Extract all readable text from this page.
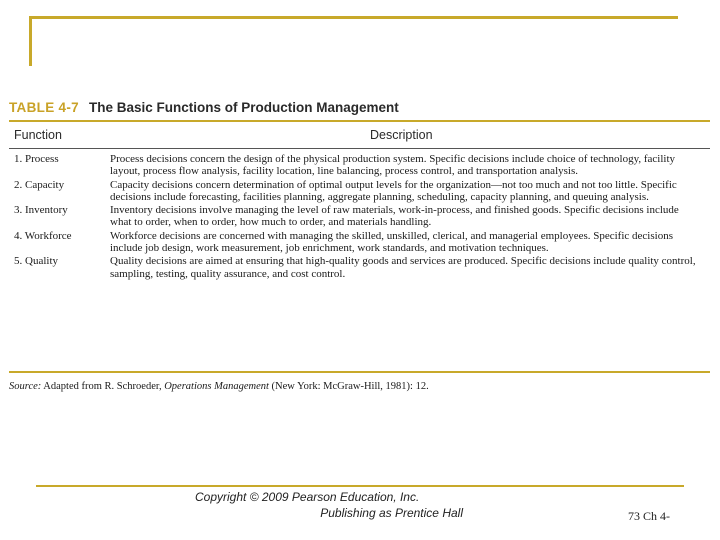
TABLE 4-7 The Basic Functions of Production Management
Function	Description
1. Process	Process decisions concern the design of the physical production system. Specific decisions include choice of technology, facility layout, process flow analysis, facility location, line balancing, process control, and transportation analysis.
2. Capacity	Capacity decisions concern determination of optimal output levels for the organization—not too much and not too little. Specific decisions include forecasting, facilities planning, aggregate planning, scheduling, capacity planning, and queuing analysis.
3. Inventory	Inventory decisions involve managing the level of raw materials, work-in-process, and finished goods. Specific decisions include what to order, when to order, how much to order, and materials handling.
4. Workforce	Workforce decisions are concerned with managing the skilled, unskilled, clerical, and managerial employees. Specific decisions include job design, work measurement, job enrichment, work standards, and motivation techniques.
5. Quality	Quality decisions are aimed at ensuring that high-quality goods and services are produced. Specific decisions include quality control, sampling, testing, quality assurance, and cost control.
Source: Adapted from R. Schroeder, Operations Management (New York: McGraw-Hill, 1981): 12.
Copyright © 2009 Pearson Education, Inc.
Publishing as Prentice Hall	73 Ch 4-
